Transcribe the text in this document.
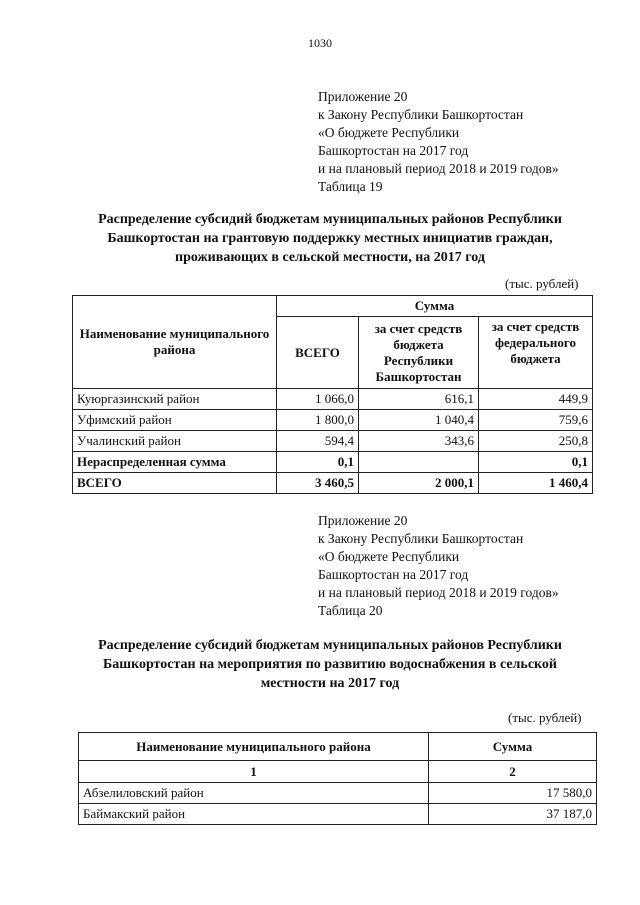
1030
Приложение 20
к Закону Республики Башкортостан
«О бюджете Республики
Башкортостан на 2017 год
и на плановый период 2018 и 2019 годов»
Таблица 19
Распределение субсидий бюджетам муниципальных районов Республики
Башкортостан на грантовую поддержку местных инициатив граждан,
проживающих в сельской местности, на 2017 год
(тыс. рублей)
Наименование муниципального района	Сумма		
	ВСЕГО	за счет средств бюджета Республики Башкортостан	за счет средств федерального бюджета
Куюргазинский район	1 066,0	616,1	449,9
Уфимский район	1 800,0	1 040,4	759,6
Учалинский район	594,4	343,6	250,8
Нераспределенная сумма	0,1		0,1
ВСЕГО	3 460,5	2 000,1	1 460,4
Приложение 20
к Закону Республики Башкортостан
«О бюджете Республики
Башкортостан на 2017 год
и на плановый период 2018 и 2019 годов»
Таблица 20
Распределение субсидий бюджетам муниципальных районов Республики
Башкортостан на мероприятия по развитию водоснабжения в сельской
местности на 2017 год
(тыс. рублей)
Наименование муниципального района	Сумма
1	2
Абзелиловский район	17 580,0
Баймакский район	37 187,0
